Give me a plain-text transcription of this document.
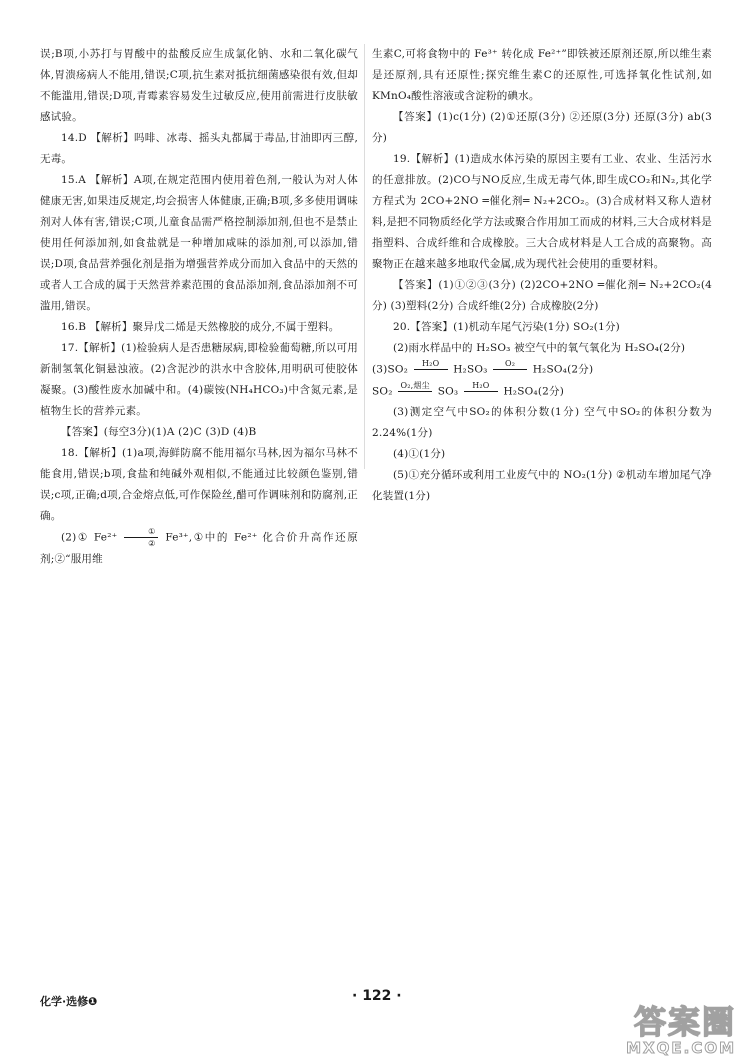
误;B项,小苏打与胃酸中的盐酸反应生成氯化钠、水和二氧化碳气体,胃溃疡病人不能用,错误;C项,抗生素对抵抗细菌感染很有效,但却不能滥用,错误;D项,青霉素容易发生过敏反应,使用前需进行皮肤敏感试验。

14.D 【解析】吗啡、冰毒、摇头丸都属于毒品,甘油即丙三醇,无毒。

15.A 【解析】A项,在规定范围内使用着色剂,一般认为对人体健康无害,如果违反规定,均会损害人体健康,正确;B项,多多使用调味剂对人体有害,错误;C项,儿童食品需严格控制添加剂,但也不是禁止使用任何添加剂,如食盐就是一种增加咸味的添加剂,可以添加,错误;D项,食品营养强化剂是指为增强营养成分而加入食品中的天然的或者人工合成的属于天然营养素范围的食品添加剂,食品添加剂不可滥用,错误。

16.B 【解析】聚异戊二烯是天然橡胶的成分,不属于塑料。

17.【解析】(1)检验病人是否患糖尿病,即检验葡萄糖,所以可用新制氢氧化铜悬浊液。(2)含泥沙的洪水中含胶体,用明矾可使胶体凝聚。(3)酸性废水加碱中和。(4)碳铵(NH₄HCO₃)中含氮元素,是植物生长的营养元素。

【答案】(每空3分)(1)A (2)C (3)D (4)B

18.【解析】(1)a项,海鲜防腐不能用福尔马林,因为福尔马林不能食用,错误;b项,食盐和纯碱外观相似,不能通过比较颜色鉴别,错误;c项,正确;d项,合金熔点低,可作保险丝,醋可作调味剂和防腐剂,正确。

(2)① Fe²⁺	①
② Fe³⁺,①中的 Fe²⁺ 化合价升高作还原剂;②“服用维

生素C,可将食物中的 Fe³⁺ 转化成 Fe²⁺”即铁被还原剂还原,所以维生素是还原剂,具有还原性;探究维生素C的还原性,可选择氧化性试剂,如KMnO₄酸性溶液或含淀粉的碘水。

【答案】(1)c(1分) (2)①还原(3分) ②还原(3分) 还原(3分) ab(3分)

19.【解析】(1)造成水体污染的原因主要有工业、农业、生活污水的任意排放。(2)CO与NO反应,生成无毒气体,即生成CO₂和N₂,其化学方程式为 2CO+2NO ═催化剂═ N₂+2CO₂。(3)合成材料又称人造材料,是把不同物质经化学方法或聚合作用加工而成的材料,三大合成材料是指塑料、合成纤维和合成橡胶。三大合成材料是人工合成的高聚物。高聚物正在越来越多地取代金属,成为现代社会使用的重要材料。

【答案】(1)①②③(3分) (2)2CO+2NO ═催化剂═ N₂+2CO₂(4分) (3)塑料(2分) 合成纤维(2分) 合成橡胶(2分)

20.【答案】(1)机动车尾气污染(1分) SO₂(1分)

(2)雨水样品中的 H₂SO₃ 被空气中的氧气氧化为 H₂SO₄(2分)

(3)SO₂ H₂O
H₂SO₃ O₂
H₂SO₄(2分)

SO₂ O₂,烟尘
SO₃ H₂O
H₂SO₄(2分)

(3)测定空气中SO₂的体积分数(1分) 空气中SO₂的体积分数为2.24%(1分)

(4)①(1分)

(5)①充分循环或利用工业废气中的 NO₂(1分) ②机动车增加尾气净化装置(1分)

化学·选修❶	· 122 ·
答案圈
MXQE.COM
